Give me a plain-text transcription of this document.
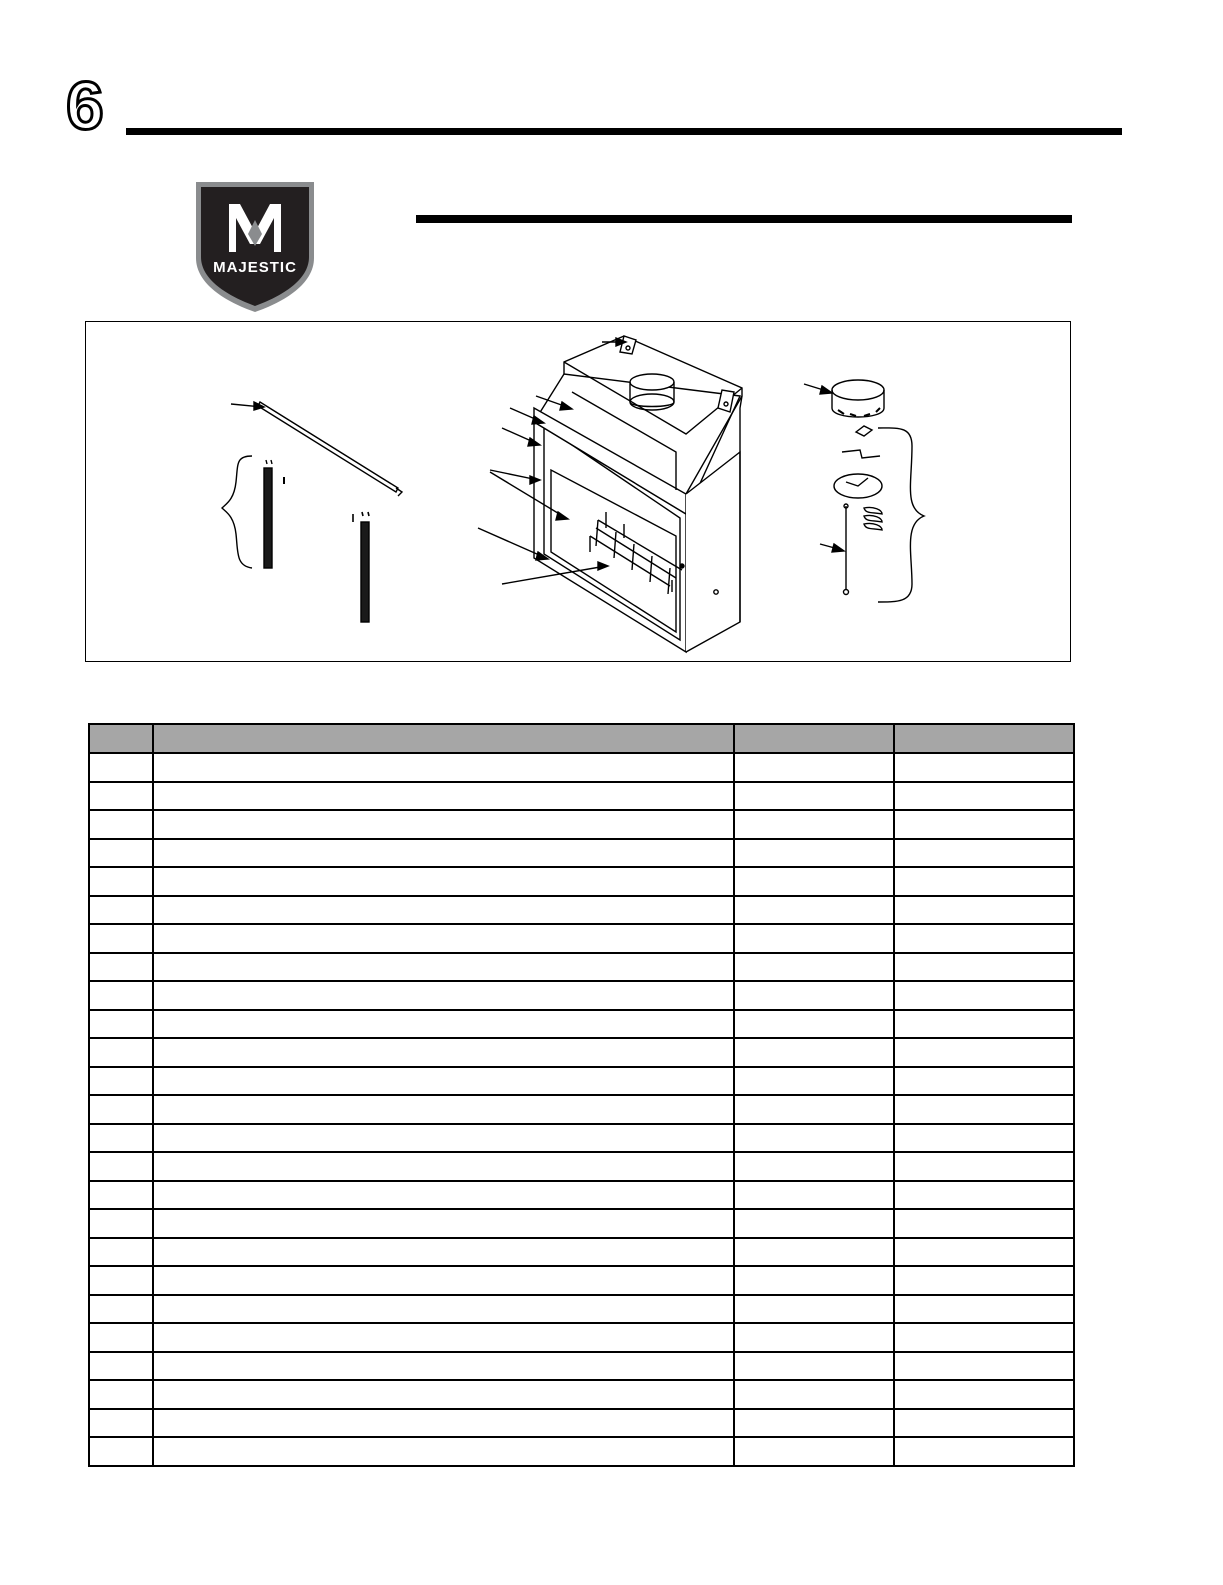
6
MAJESTIC
